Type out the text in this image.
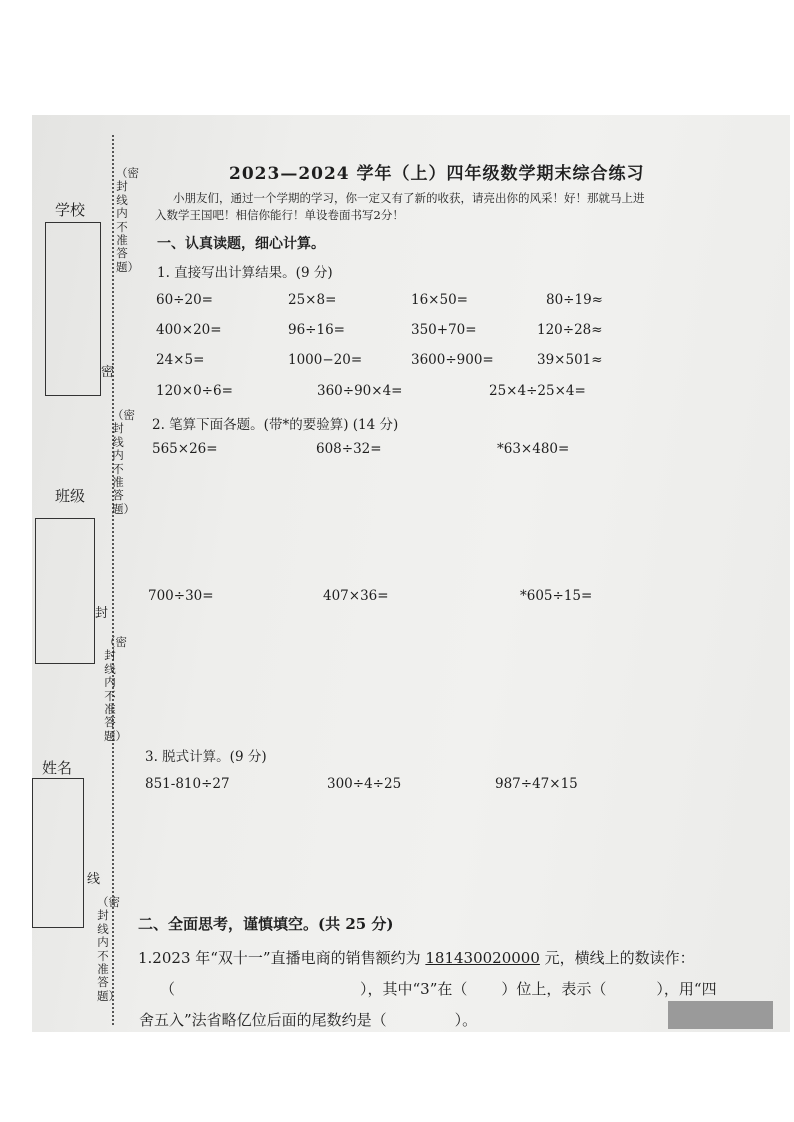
学校
班级
姓名
（密封线内不准答题）
密
（密封线内不准答题）
封
（密封线内不准答题）
线
（密封线内不准答题）
2023—2024 学年（上）四年级数学期末综合练习
小朋友们，通过一个学期的学习，你一定又有了新的收获，请亮出你的风采！好！那就马上进
入数学王国吧！相信你能行！单设卷面书写2分！
一、认真读题，细心计算。
1. 直接写出计算结果。(9 分)
60÷20=	25×8=	16×50=	80÷19≈
400×20=	96÷16=	350+70=	120÷28≈
24×5=	1000−20=	3600÷900=	39×501≈
120×0÷6=	360÷90×4=	25×4÷25×4=
2. 笔算下面各题。(带*的要验算) (14 分)
565×26=	608÷32=	*63×480=
700÷30=	407×36=	*605÷15=
3. 脱式计算。(9 分)
851-810÷27	300÷4÷25	987÷47×15
二、全面思考，谨慎填空。(共 25 分)
1.2023 年“双十一”直播电商的销售额约为 181430020000 元，横线上的数读作：
（	），其中“3”在（ ）位上，表示（	），用“四
舍五入”法省略亿位后面的尾数约是（	）。
